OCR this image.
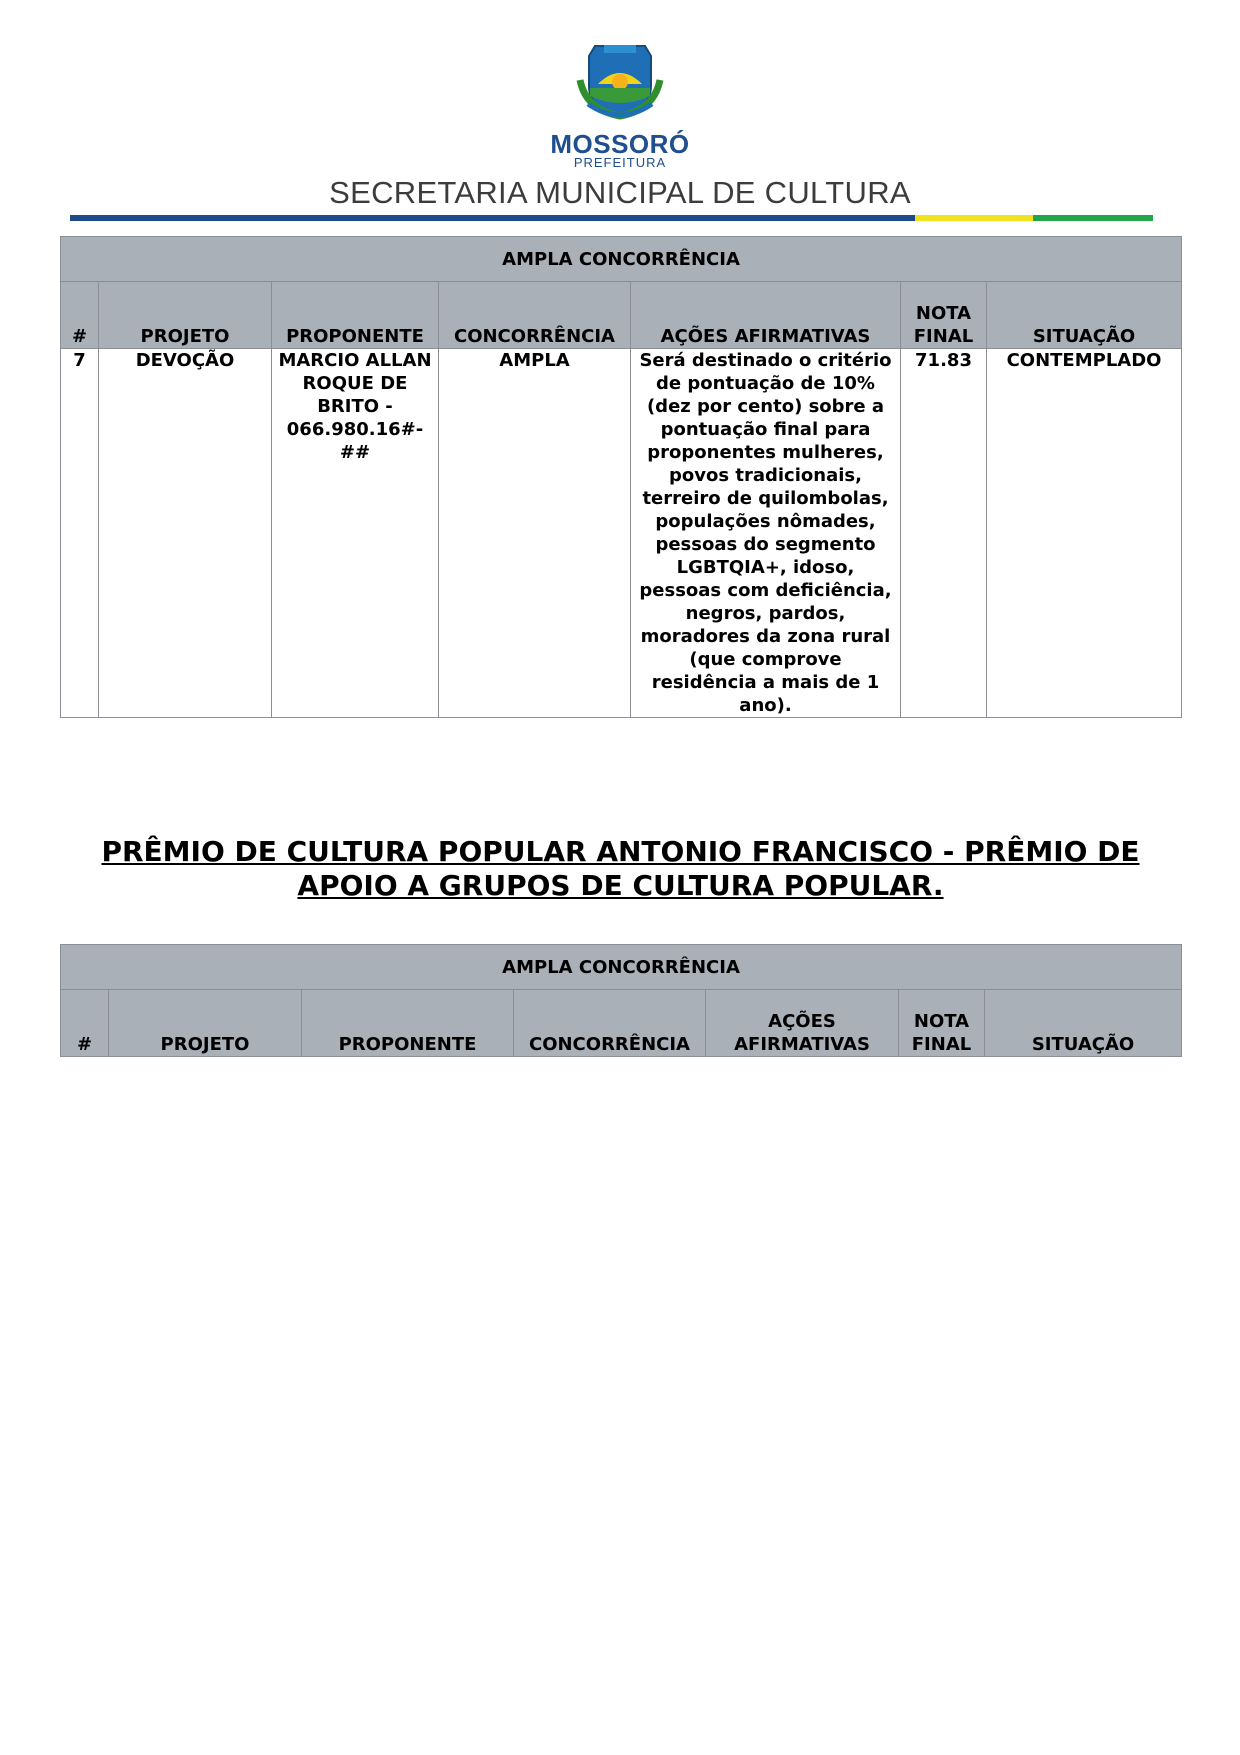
MOSSORÓ
PREFEITURA
SECRETARIA MUNICIPAL DE CULTURA
AMPLA CONCORRÊNCIA						
#	PROJETO	PROPONENTE	CONCORRÊNCIA	AÇÕES AFIRMATIVAS	NOTA FINAL	SITUAÇÃO
7	DEVOÇÃO	MARCIO ALLAN ROQUE DE BRITO - 066.980.16#-##	AMPLA	Será destinado o critério de pontuação de 10% (dez por cento) sobre a pontuação final para proponentes mulheres, povos tradicionais, terreiro de quilombolas, populações nômades, pessoas do segmento LGBTQIA+, idoso, pessoas com deficiência, negros, pardos, moradores da zona rural (que comprove residência a mais de 1 ano).	71.83	CONTEMPLADO
PRÊMIO DE CULTURA POPULAR ANTONIO FRANCISCO - PRÊMIO DE APOIO A GRUPOS DE CULTURA POPULAR.
AMPLA CONCORRÊNCIA
#	PROJETO	PROPONENTE	CONCORRÊNCIA	AÇÕES AFIRMATIVAS	NOTA FINAL	SITUAÇÃO
